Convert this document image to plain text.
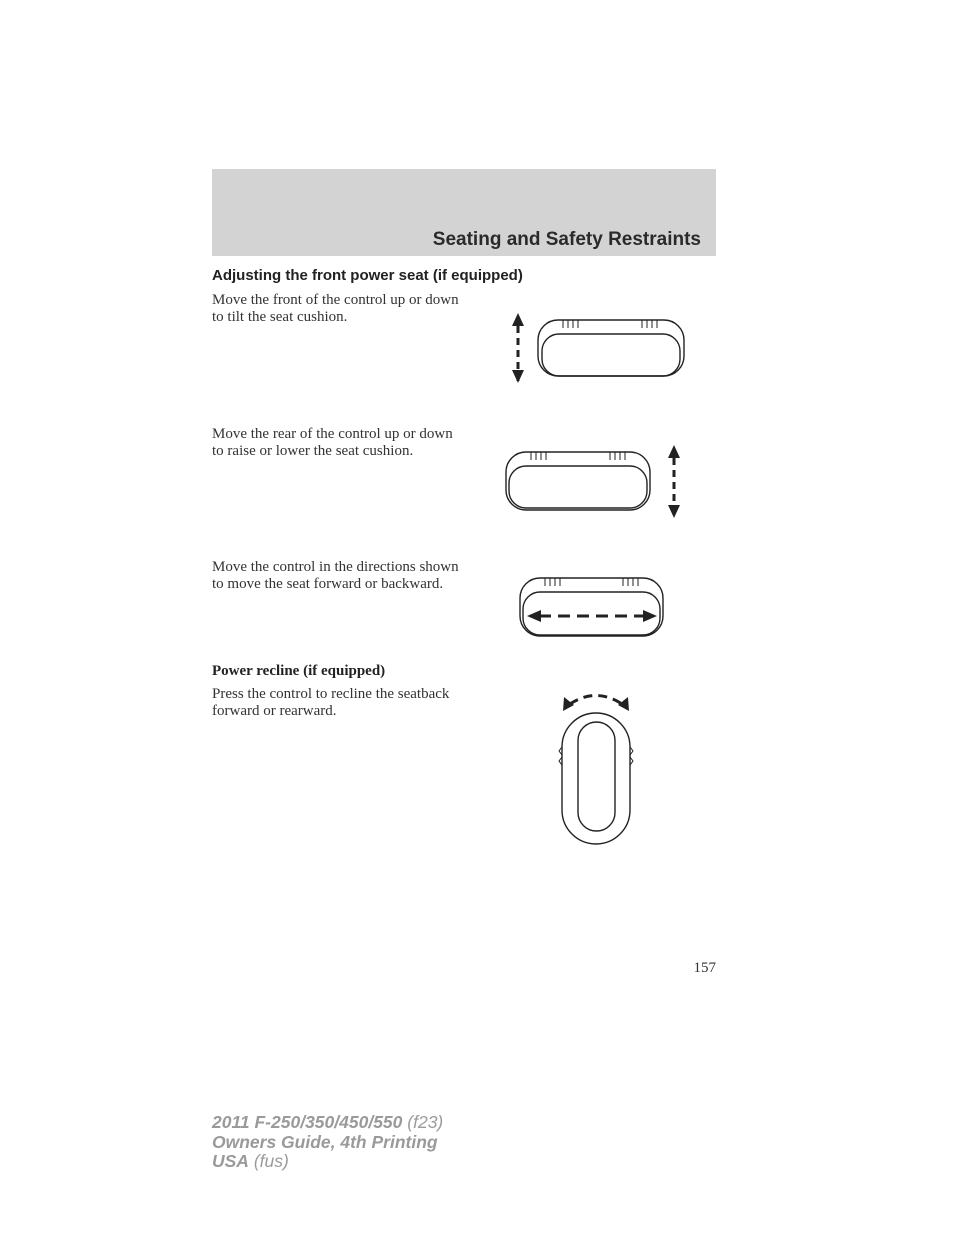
Seating and Safety Restraints
Adjusting the front power seat (if equipped)
Move the front of the control up or down to tilt the seat cushion.
Move the rear of the control up or down to raise or lower the seat cushion.
Move the control in the directions shown to move the seat forward or backward.
Power recline (if equipped)
Press the control to recline the seatback forward or rearward.
157
2011 F-250/350/450/550 (f23)
Owners Guide, 4th Printing
USA (fus)
